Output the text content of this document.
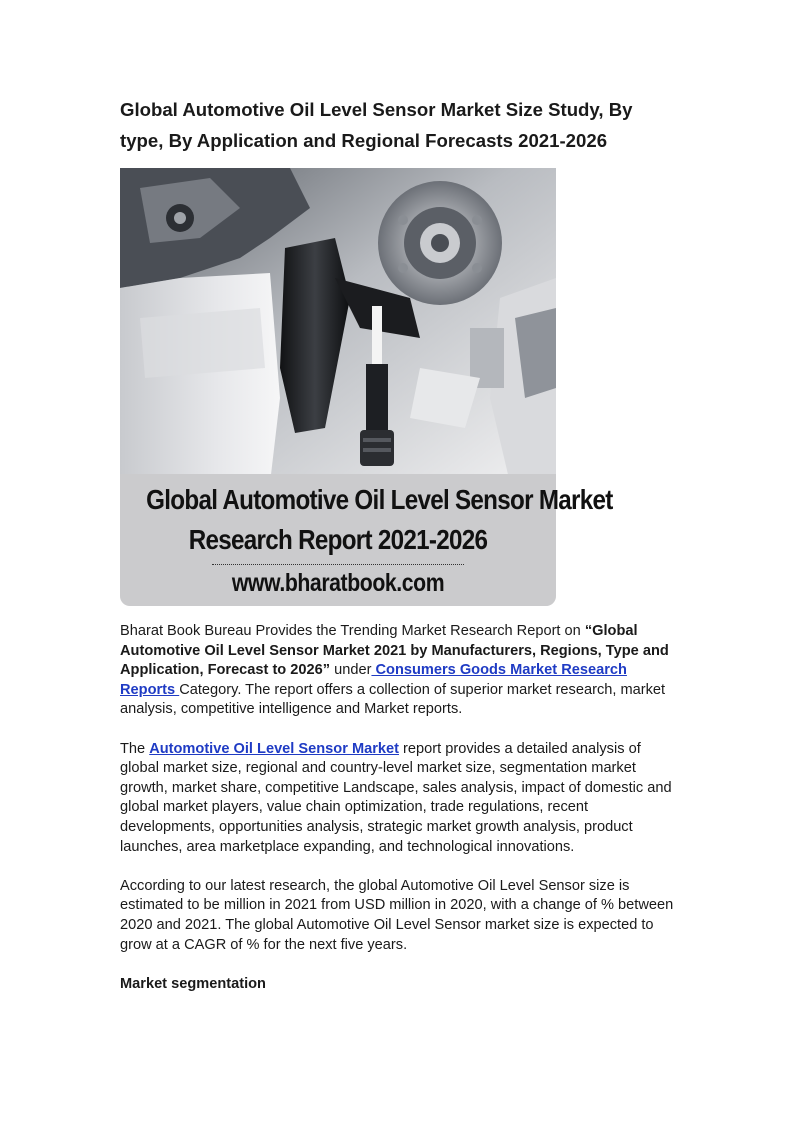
Global Automotive Oil Level Sensor Market Size Study, By type, By Application and Regional Forecasts 2021-2026
Global Automotive Oil Level Sensor Market
Research Report 2021-2026
www.bharatbook.com

Bharat Book Bureau Provides the Trending Market Research Report on “Global Automotive Oil Level Sensor Market 2021 by Manufacturers, Regions, Type and Application, Forecast to 2026” under Consumers Goods Market Research Reports Category. The report offers a collection of superior market research, market analysis, competitive intelligence and Market reports.

The Automotive Oil Level Sensor Market report provides a detailed analysis of global market size, regional and country-level market size, segmentation market growth, market share, competitive Landscape, sales analysis, impact of domestic and global market players, value chain optimization, trade regulations, recent developments, opportunities analysis, strategic market growth analysis, product launches, area marketplace expanding, and technological innovations.

According to our latest research, the global Automotive Oil Level Sensor size is estimated to be million in 2021 from USD million in 2020, with a change of % between 2020 and 2021. The global Automotive Oil Level Sensor market size is expected to grow at a CAGR of % for the next five years.

Market segmentation
